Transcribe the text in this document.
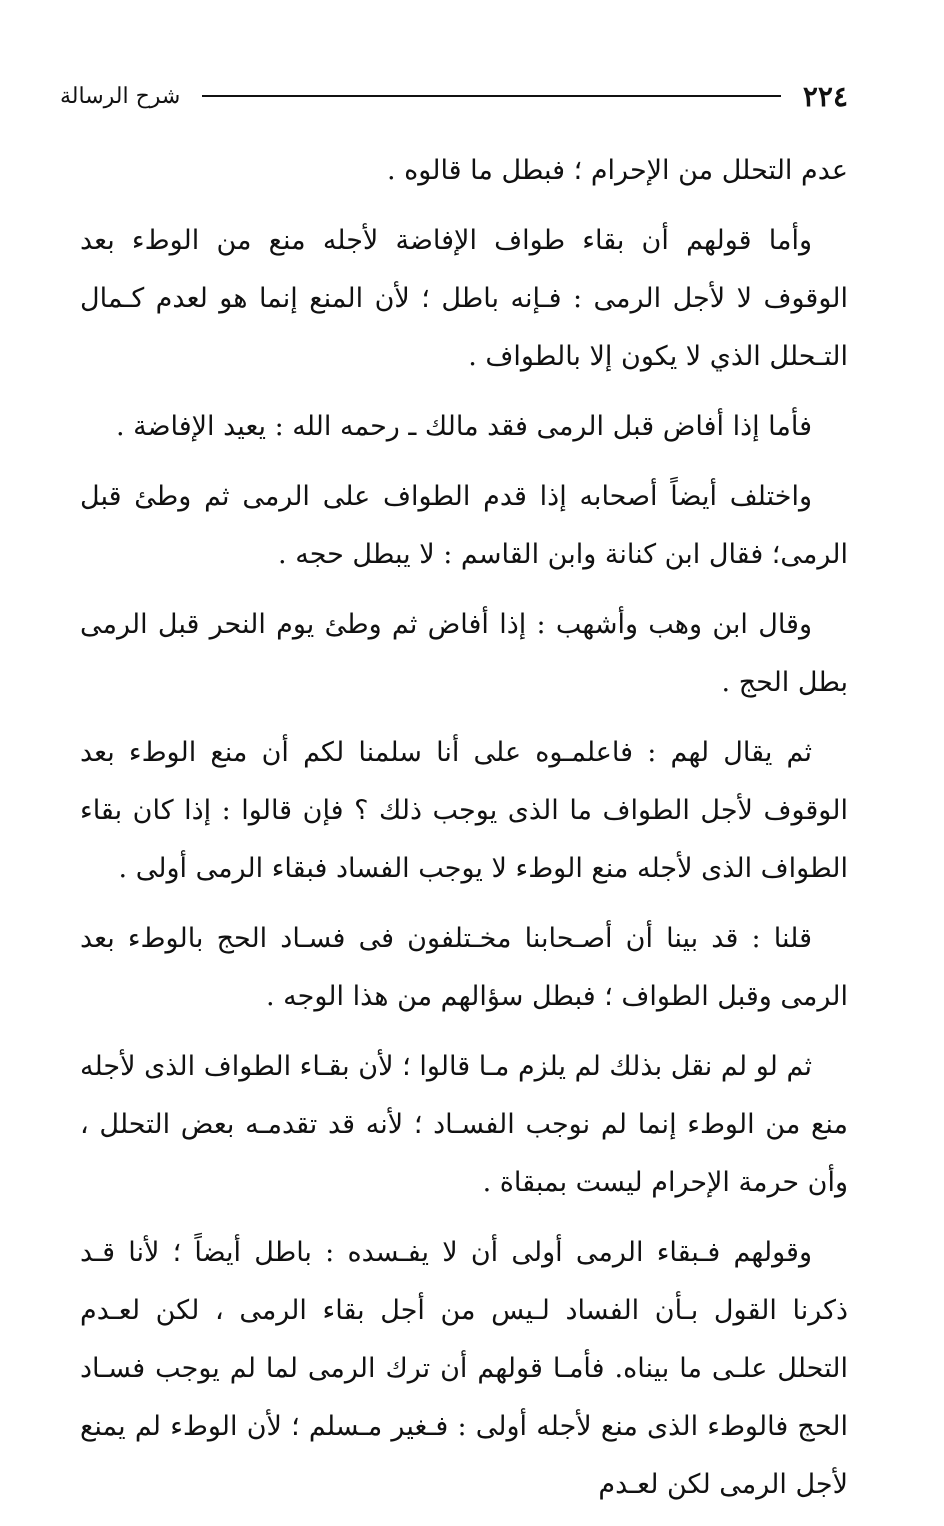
٢٢٤
شرح الرسالة

عدم التحلل من الإحرام ؛ فبطل ما قالوه .

وأما قولهم أن بقاء طواف الإفاضة لأجله منع من الوطء بعد الوقوف لا لأجل الرمى : فـإنه باطل ؛ لأن المنع إنما هو لعدم كـمال التـحلل الذي لا يكون إلا بالطواف .

فأما إذا أفاض قبل الرمى فقد مالك ـ رحمه الله : يعيد الإفاضة .

واختلف أيضاً أصحابه إذا قدم الطواف على الرمى ثم وطئ قبل الرمى؛ فقال ابن كنانة وابن القاسم : لا يبطل حجه .

وقال ابن وهب وأشهب : إذا أفاض ثم وطئ يوم النحر قبل الرمى بطل الحج .

ثم يقال لهم : فاعلمـوه على أنا سلمنا لكم أن منع الوطء بعد الوقوف لأجل الطواف ما الذى يوجب ذلك ؟ فإن قالوا : إذا كان بقاء الطواف الذى لأجله منع الوطء لا يوجب الفساد فبقاء الرمى أولى .

قلنا : قد بينا أن أصـحابنا مخـتلفون فى فسـاد الحج بالوطء بعد الرمى وقبل الطواف ؛ فبطل سؤالهم من هذا الوجه .

ثم لو لم نقل بذلك لم يلزم مـا قالوا ؛ لأن بقـاء الطواف الذى لأجله منع من الوطء إنما لم نوجب الفسـاد ؛ لأنه قد تقدمـه بعض التحلل ، وأن حرمة الإحرام ليست بمبقاة .

وقولهم فـبقاء الرمى أولى أن لا يفـسده : باطل أيضاً ؛ لأنا قـد ذكرنا القول بـأن الفساد لـيس من أجل بقاء الرمى ، لكن لعـدم التحلل علـى ما بيناه. فأمـا قولهم أن ترك الرمى لما لم يوجب فسـاد الحج فالوطء الذى منع لأجله أولى : فـغير مـسلم ؛ لأن الوطء لم يمنع لأجل الرمى لكن لعـدم
